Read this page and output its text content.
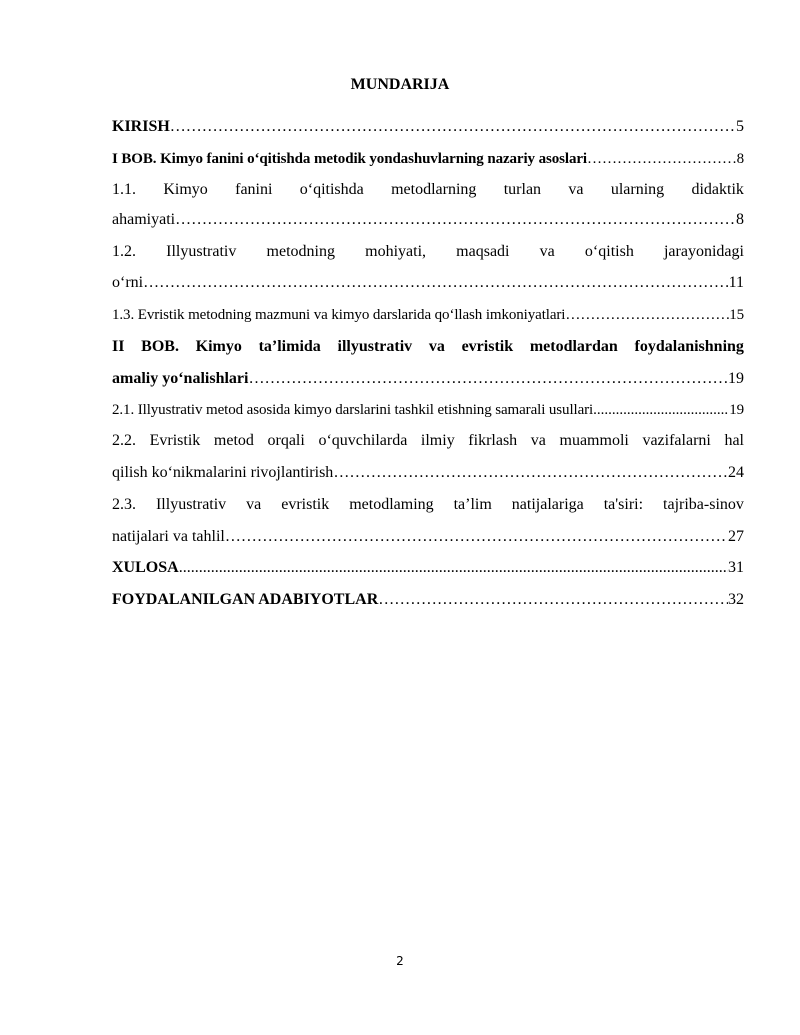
MUNDARIJA
KIRISH …………………………………………………………………………………………………………………………………………………………	5
I BOB. Kimyo fanini o‘qitishda metodik yondashuvlarning nazariy asoslari …………………………………………………………………………………………………………………………………………………………	8
1.1. Kimyo fanini o‘qitishda metodlarning turlan va ularning didaktik
ahamiyati …………………………………………………………………………………………………………………………………………………………	8
1.2. Illyustrativ metodning mohiyati, maqsadi va o‘qitish jarayonidagi
o‘rni …………………………………………………………………………………………………………………………………………………………	11
1.3. Evristik metodning mazmuni va kimyo darslarida qo‘llash imkoniyatlari …………………………………………………………………………………………………………………………………………………………	15
II BOB. Kimyo ta’limida illyustrativ va evristik metodlardan foydalanishning
amaliy yo‘nalishlari …………………………………………………………………………………………………………………………………………………………	19
2.1. Illyustrativ metod asosida kimyo darslarini tashkil etishning samarali usullari .....	19
2.2. Evristik metod orqali o‘quvchilarda ilmiy fikrlash va muammoli vazifalarni hal
qilish ko‘nikmalarini rivojlantirish …………………………………………………………………………………………………………………………………………………………	24
2.3. Illyustrativ va evristik metodlaming ta’lim natijalariga ta'siri: tajriba-sinov
natijalari va tahlil …………………………………………………………………………………………………………………………………………………………	27
XULOSA .....	31
FOYDALANILGAN ADABIYOTLAR …………………………………………………………………………………………………………………………………………………………	32
2
